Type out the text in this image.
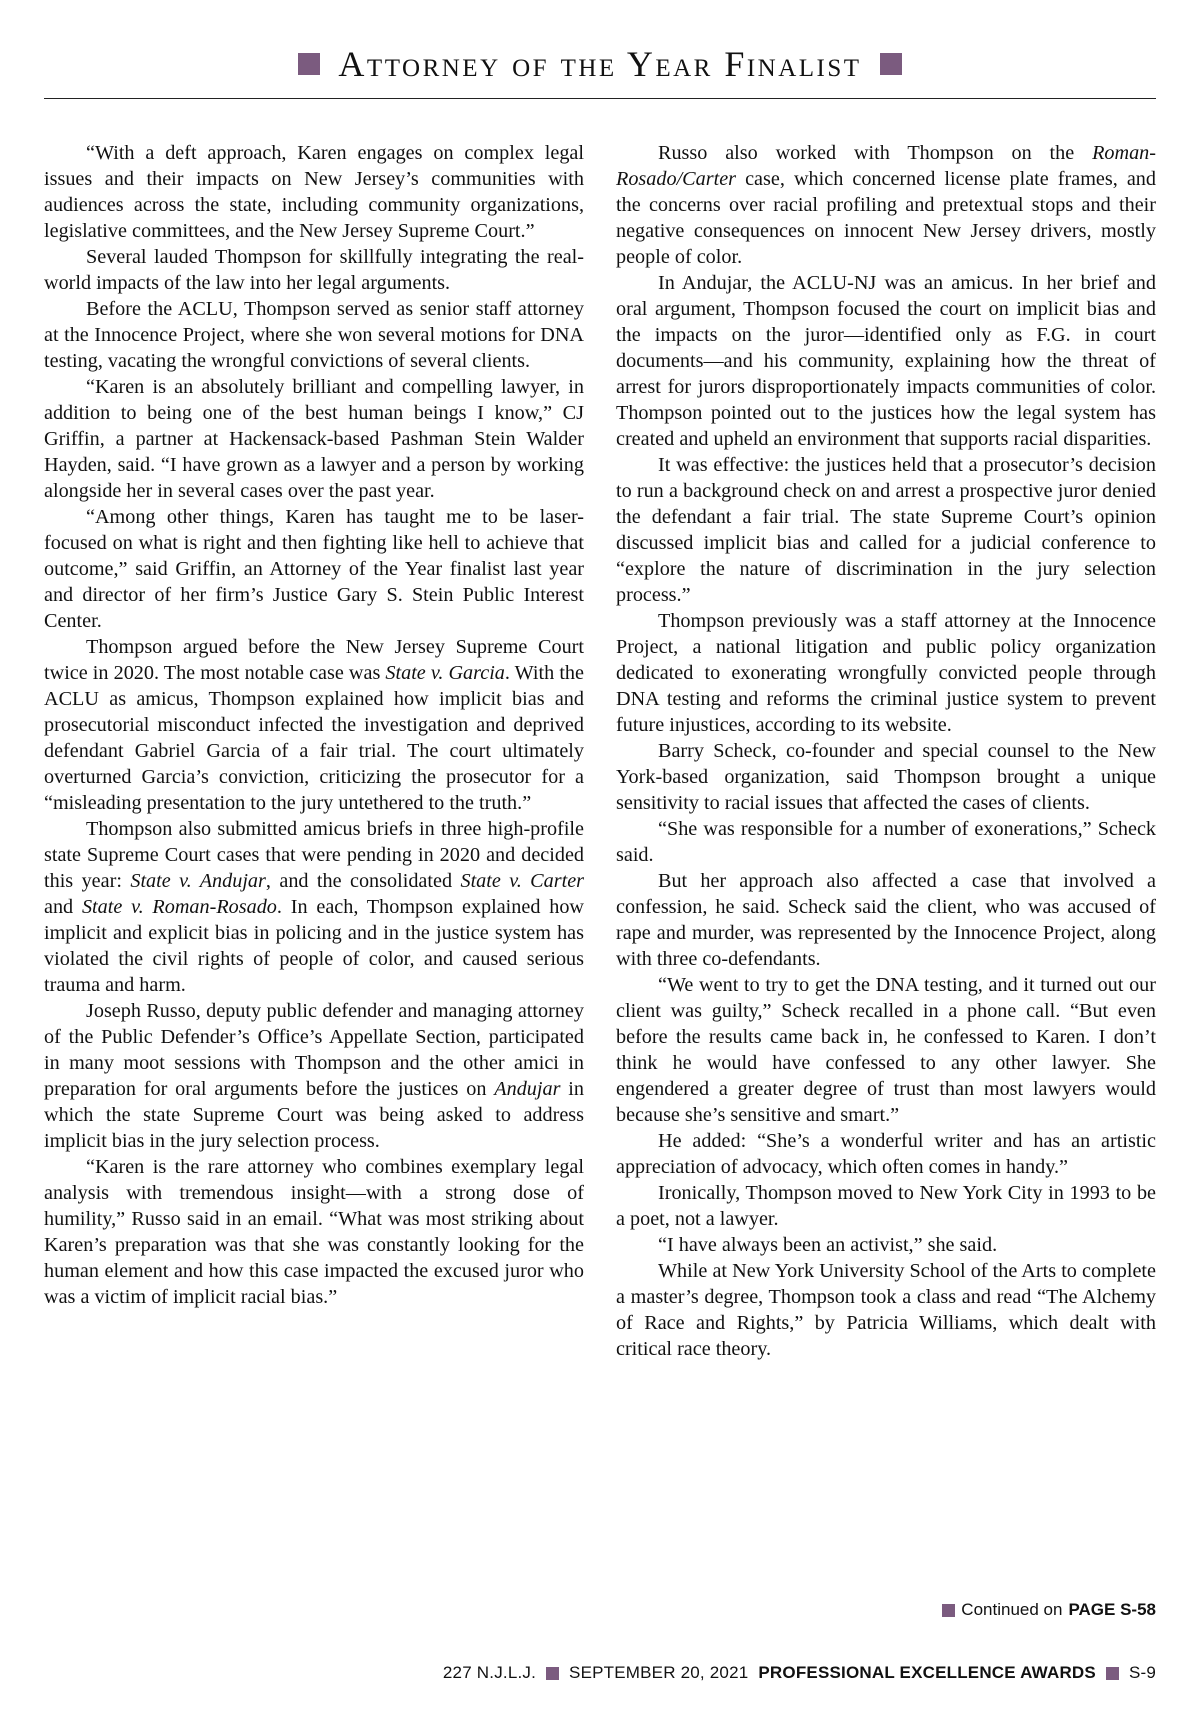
Attorney of the Year Finalist

“With a deft approach, Karen engages on complex legal issues and their impacts on New Jersey’s communities with audiences across the state, including community organizations, legislative committees, and the New Jersey Supreme Court.”

Several lauded Thompson for skillfully integrating the real-world impacts of the law into her legal arguments.

Before the ACLU, Thompson served as senior staff attorney at the Innocence Project, where she won several motions for DNA testing, vacating the wrongful convictions of several clients.

“Karen is an absolutely brilliant and compelling lawyer, in addition to being one of the best human beings I know,” CJ Griffin, a partner at Hackensack-based Pashman Stein Walder Hayden, said. “I have grown as a lawyer and a person by working alongside her in several cases over the past year.

“Among other things, Karen has taught me to be laser-focused on what is right and then fighting like hell to achieve that outcome,” said Griffin, an Attorney of the Year finalist last year and director of her firm’s Justice Gary S. Stein Public Interest Center.

Thompson argued before the New Jersey Supreme Court twice in 2020. The most notable case was State v. Garcia. With the ACLU as amicus, Thompson explained how implicit bias and prosecutorial misconduct infected the investigation and deprived defendant Gabriel Garcia of a fair trial. The court ultimately overturned Garcia’s conviction, criticizing the prosecutor for a “misleading presentation to the jury untethered to the truth.”

Thompson also submitted amicus briefs in three high-profile state Supreme Court cases that were pending in 2020 and decided this year: State v. Andujar, and the consolidated State v. Carter and State v. Roman-Rosado. In each, Thompson explained how implicit and explicit bias in policing and in the justice system has violated the civil rights of people of color, and caused serious trauma and harm.

Joseph Russo, deputy public defender and managing attorney of the Public Defender’s Office’s Appellate Section, participated in many moot sessions with Thompson and the other amici in preparation for oral arguments before the justices on Andujar in which the state Supreme Court was being asked to address implicit bias in the jury selection process.

“Karen is the rare attorney who combines exemplary legal analysis with tremendous insight—with a strong dose of humility,” Russo said in an email. “What was most striking about Karen’s preparation was that she was constantly looking for the human element and how this case impacted the excused juror who was a victim of implicit racial bias.”

Russo also worked with Thompson on the Roman-Rosado/Carter case, which concerned license plate frames, and the concerns over racial profiling and pretextual stops and their negative consequences on innocent New Jersey drivers, mostly people of color.

In Andujar, the ACLU-NJ was an amicus. In her brief and oral argument, Thompson focused the court on implicit bias and the impacts on the juror—identified only as F.G. in court documents—and his community, explaining how the threat of arrest for jurors disproportionately impacts communities of color. Thompson pointed out to the justices how the legal system has created and upheld an environment that supports racial disparities.

It was effective: the justices held that a prosecutor’s decision to run a background check on and arrest a prospective juror denied the defendant a fair trial. The state Supreme Court’s opinion discussed implicit bias and called for a judicial conference to “explore the nature of discrimination in the jury selection process.”

Thompson previously was a staff attorney at the Innocence Project, a national litigation and public policy organization dedicated to exonerating wrongfully convicted people through DNA testing and reforms the criminal justice system to prevent future injustices, according to its website.

Barry Scheck, co-founder and special counsel to the New York-based organization, said Thompson brought a unique sensitivity to racial issues that affected the cases of clients.

“She was responsible for a number of exonerations,” Scheck said.

But her approach also affected a case that involved a confession, he said. Scheck said the client, who was accused of rape and murder, was represented by the Innocence Project, along with three co-defendants.

“We went to try to get the DNA testing, and it turned out our client was guilty,” Scheck recalled in a phone call. “But even before the results came back in, he confessed to Karen. I don’t think he would have confessed to any other lawyer. She engendered a greater degree of trust than most lawyers would because she’s sensitive and smart.”

He added: “She’s a wonderful writer and has an artistic appreciation of advocacy, which often comes in handy.”

Ironically, Thompson moved to New York City in 1993 to be a poet, not a lawyer.

“I have always been an activist,” she said.

While at New York University School of the Arts to complete a master’s degree, Thompson took a class and read “The Alchemy of Race and Rights,” by Patricia Williams, which dealt with critical race theory.

Continued on PAGE S-58
227 N.J.L.J. SEPTEMBER 20, 2021 PROFESSIONAL EXCELLENCE AWARDS S-9
